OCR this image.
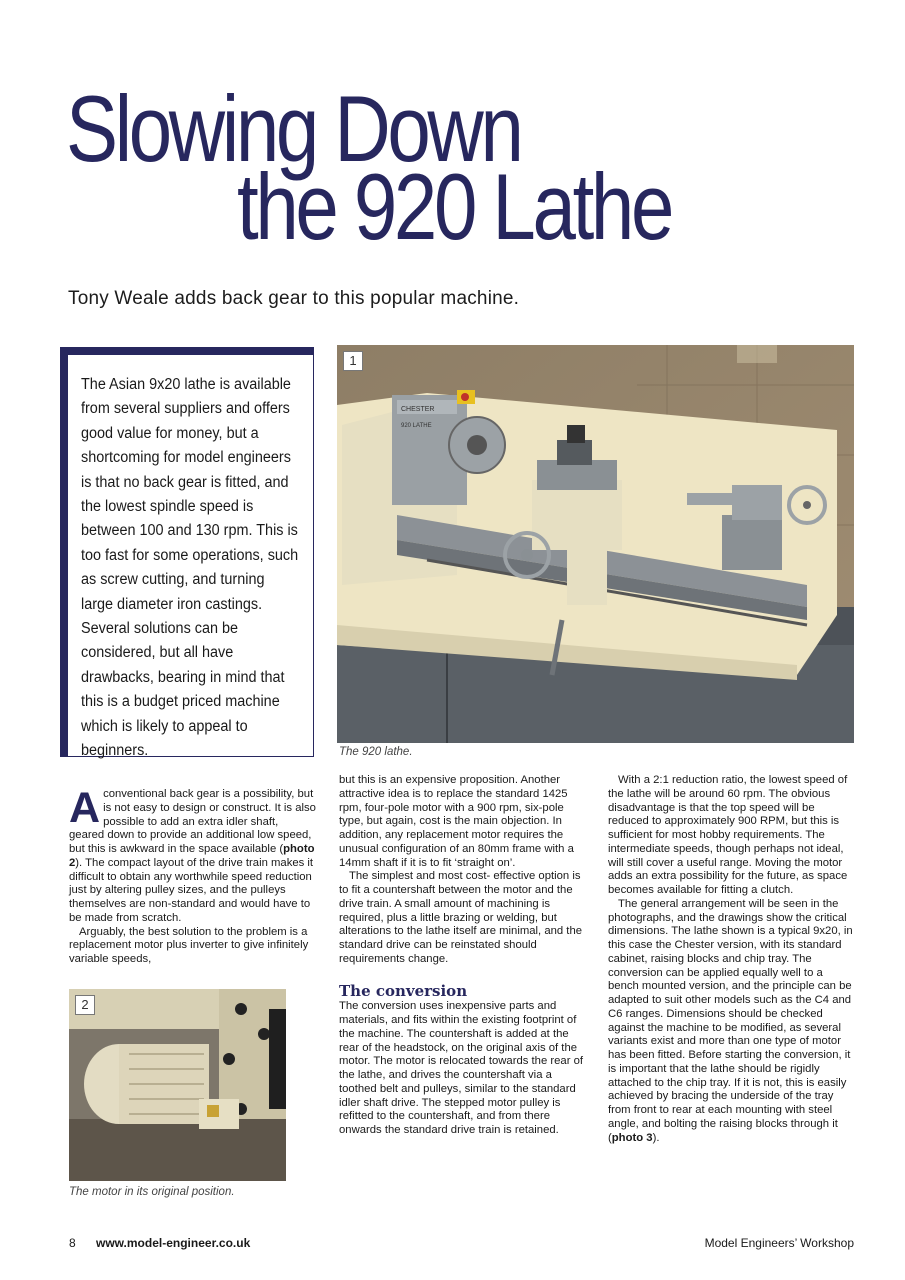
Slowing Down
the 920 Lathe
Tony Weale adds back gear to this popular machine.
The Asian 9x20 lathe is available from several suppliers and offers good value for money, but a shortcoming for model engineers is that no back gear is fitted, and the lowest spindle speed is between 100 and 130 rpm. This is too fast for some operations, such as screw cutting, and turning large diameter iron castings. Several solutions can be considered, but all have drawbacks, bearing in mind that this is a budget priced machine which is likely to appeal to beginners.
CHESTER
920 LATHE
1
The 920 lathe.
2
The motor in its original position.

Aconventional back gear is a possibility, but is not easy to design or construct. It is also possible to add an extra idler shaft, geared down to provide an additional low speed, but this is awkward in the space available (photo 2). The compact layout of the drive train makes it difficult to obtain any worthwhile speed reduction just by altering pulley sizes, and the pulleys themselves are non-standard and would have to be made from scratch.

Arguably, the best solution to the problem is a replacement motor plus inverter to give infinitely variable speeds,

but this is an expensive proposition. Another attractive idea is to replace the standard 1425 rpm, four-pole motor with a 900 rpm, six-pole type, but again, cost is the main objection. In addition, any replacement motor requires the unusual configuration of an 80mm frame with a 14mm shaft if it is to fit ‘straight on’.

The simplest and most cost- effective option is to fit a countershaft between the motor and the drive train. A small amount of machining is required, plus a little brazing or welding, but alterations to the lathe itself are minimal, and the standard drive can be reinstated should requirements change.

The conversion

The conversion uses inexpensive parts and materials, and fits within the existing footprint of the machine. The countershaft is added at the rear of the headstock, on the original axis of the motor. The motor is relocated towards the rear of the lathe, and drives the countershaft via a toothed belt and pulleys, similar to the standard idler shaft drive. The stepped motor pulley is refitted to the countershaft, and from there onwards the standard drive train is retained.

With a 2:1 reduction ratio, the lowest speed of the lathe will be around 60 rpm. The obvious disadvantage is that the top speed will be reduced to approximately 900 RPM, but this is sufficient for most hobby requirements. The intermediate speeds, though perhaps not ideal, will still cover a useful range. Moving the motor adds an extra possibility for the future, as space becomes available for fitting a clutch.

The general arrangement will be seen in the photographs, and the drawings show the critical dimensions. The lathe shown is a typical 9x20, in this case the Chester version, with its standard cabinet, raising blocks and chip tray. The conversion can be applied equally well to a bench mounted version, and the principle can be adapted to suit other models such as the C4 and C6 ranges. Dimensions should be checked against the machine to be modified, as several variants exist and more than one type of motor has been fitted. Before starting the conversion, it is important that the lathe should be rigidly attached to the chip tray. If it is not, this is easily achieved by bracing the underside of the tray from front to rear at each mounting with steel angle, and bolting the raising blocks through it (photo 3).

8 www.model-engineer.co.uk	Model Engineers’ Workshop
